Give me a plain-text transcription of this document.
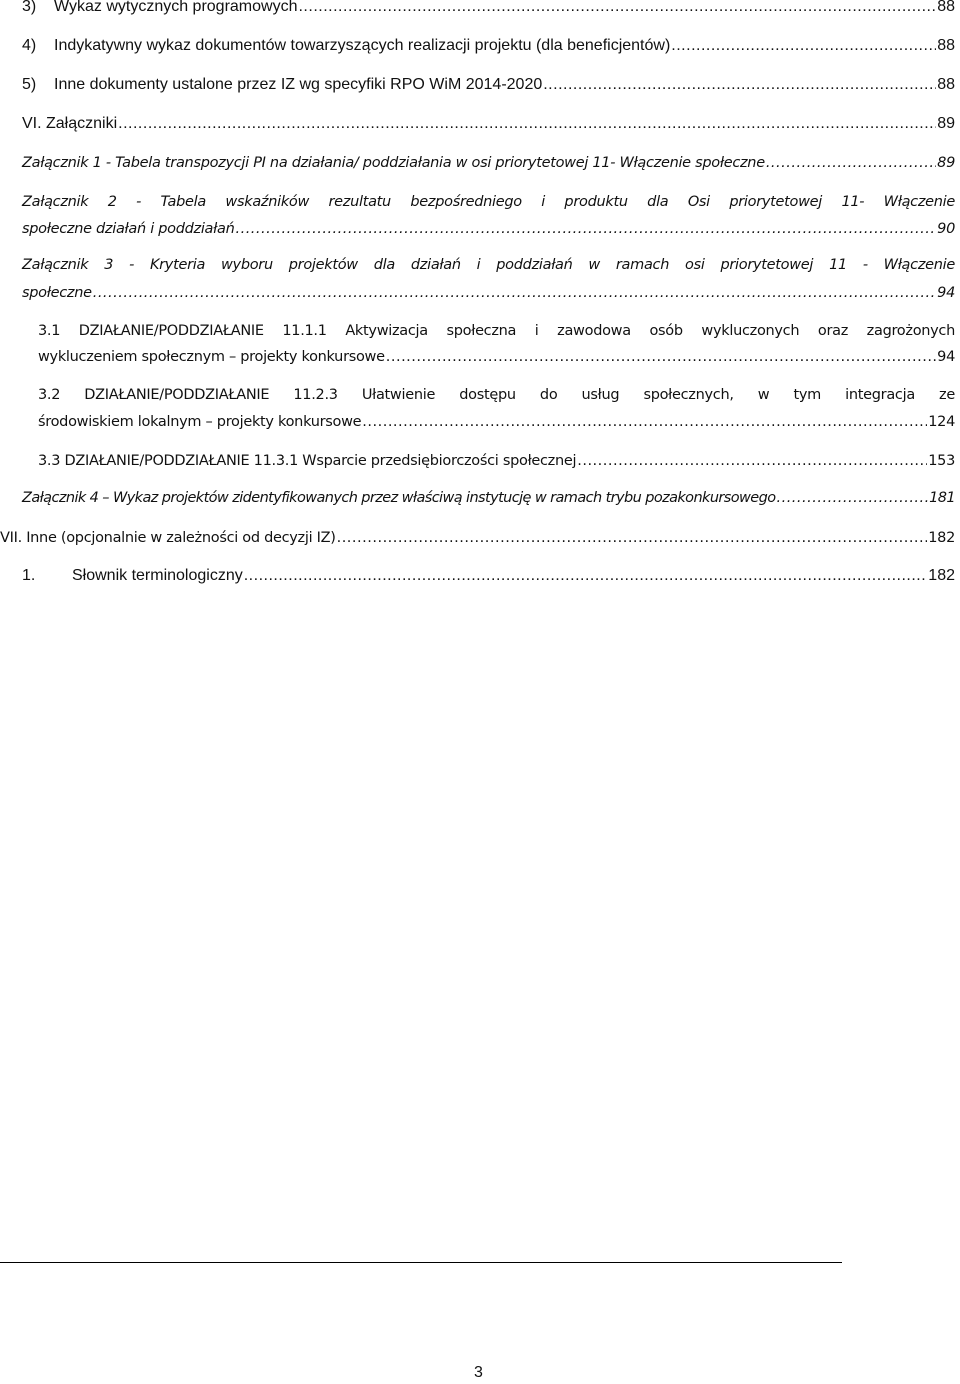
3)    Wykaz wytycznych programowych .....	88
4)    Indykatywny wykaz dokumentów towarzyszących realizacji projektu (dla beneficjentów) .....	88
5)    Inne dokumenty ustalone przez IZ wg specyfiki RPO WiM 2014-2020 .....	88
VI. Załączniki .....	89
Załącznik 1 - Tabela transpozycji PI na działania/ poddziałania w osi priorytetowej 11- Włączenie społeczne .....	89
Załącznik 2 - Tabela wskaźników rezultatu bezpośredniego i produktu dla Osi priorytetowej 11- Włączenie
społeczne działań i poddziałań .....	90
Załącznik 3 - Kryteria wyboru projektów dla działań i poddziałań w ramach osi priorytetowej 11 - Włączenie
społeczne .....	94
3.1 DZIAŁANIE/PODDZIAŁANIE 11.1.1 Aktywizacja społeczna i zawodowa osób wykluczonych oraz zagrożonych
wykluczeniem społecznym – projekty konkursowe .....	94
3.2 DZIAŁANIE/PODDZIAŁANIE 11.2.3 Ułatwienie dostępu do usług społecznych, w tym integracja ze
środowiskiem lokalnym – projekty konkursowe .....	124
3.3 DZIAŁANIE/PODDZIAŁANIE 11.3.1 Wsparcie przedsiębiorczości społecznej .....	153
Załącznik 4 – Wykaz projektów zidentyfikowanych przez właściwą instytucję w ramach trybu pozakonkursowego .....	181
VII. Inne (opcjonalnie w zależności od decyzji IZ) .....	182
1.	Słownik terminologiczny .....	182
3
